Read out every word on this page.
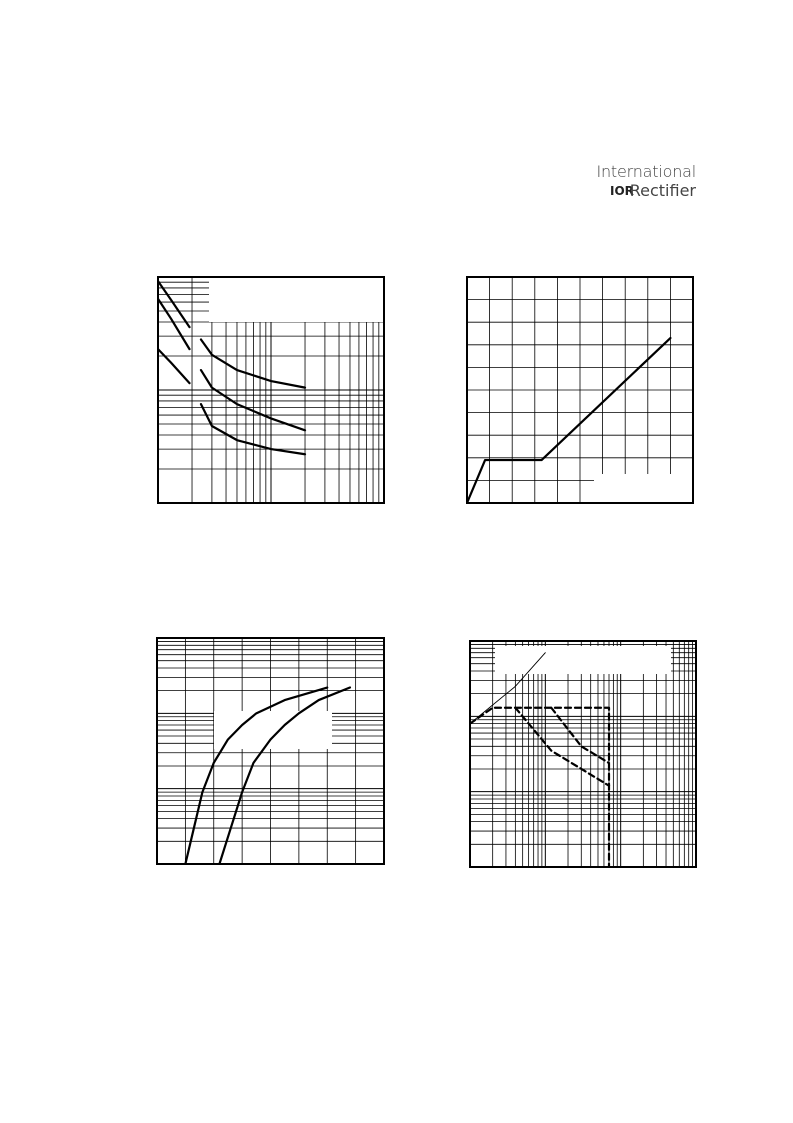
International
IOR
Rectifier
